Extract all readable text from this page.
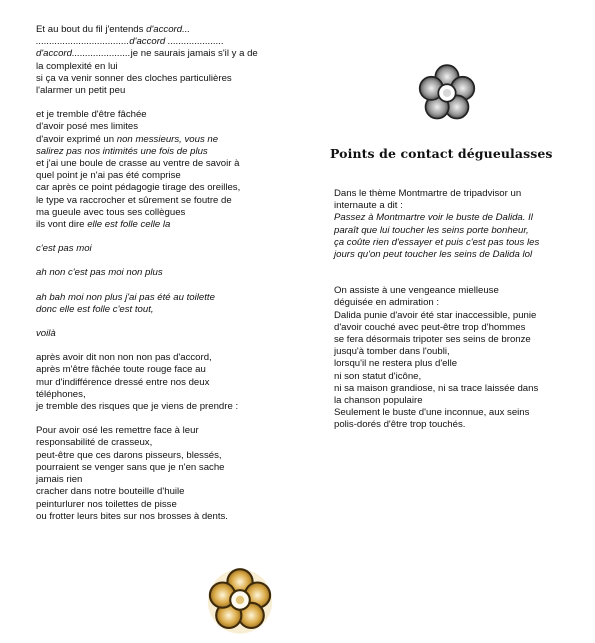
Et au bout du fil j'entends d'accord...
...................................d'accord .....................
d'accord......................je ne saurais jamais s'il y a de
la complexité en lui
si ça va venir sonner des cloches particulières
l'alarmer un petit peu
et je tremble d'être fâchée
d'avoir posé mes limites
d'avoir exprimé un non messieurs, vous ne
salirez pas nos intimités une fois de plus
et j'ai une boule de crasse au ventre de savoir à
quel point je n'ai pas été comprise
car après ce point pédagogie tirage des oreilles,
le type va raccrocher et sûrement se foutre de
ma gueule avec tous ses collègues
ils vont dire elle est folle celle la
c'est pas moi
ah non c'est pas moi non plus
ah bah moi non plus j'ai pas été au toilette
donc elle est folle c'est tout,
voilà
après avoir dit non non non pas d'accord,
après m'être fâchée toute rouge face au
mur d'indifférence dressé entre nos deux
téléphones,
je tremble des risques que je viens de prendre :
Pour avoir osé les remettre face à leur
responsabilité de crasseux,
peut-être que ces darons pisseurs, blessés,
pourraient se venger sans que je n'en sache
jamais rien
cracher dans notre bouteille d'huile
peinturlurer nos toilettes de pisse
ou frotter leurs bites sur nos brosses à dents.
Points de contact dégueulasses
Dans le thème Montmartre de tripadvisor un
internaute a dit :
Passez à Montmartre voir le buste de Dalida. Il
paraît que lui toucher les seins porte bonheur,
ça coûte rien d'essayer et puis c'est pas tous les
jours qu'on peut toucher les seins de Dalida lol
On assiste à une vengeance mielleuse
déguisée en admiration :
Dalida punie d'avoir été star inaccessible, punie
d'avoir couché avec peut-être trop d'hommes
se fera désormais tripoter ses seins de bronze
jusqu'à tomber dans l'oubli,
lorsqu'il ne restera plus d'elle
ni son statut d'icône,
ni sa maison grandiose, ni sa trace laissée dans
la chanson populaire
Seulement le buste d'une inconnue, aux seins
polis-dorés d'être trop touchés.
